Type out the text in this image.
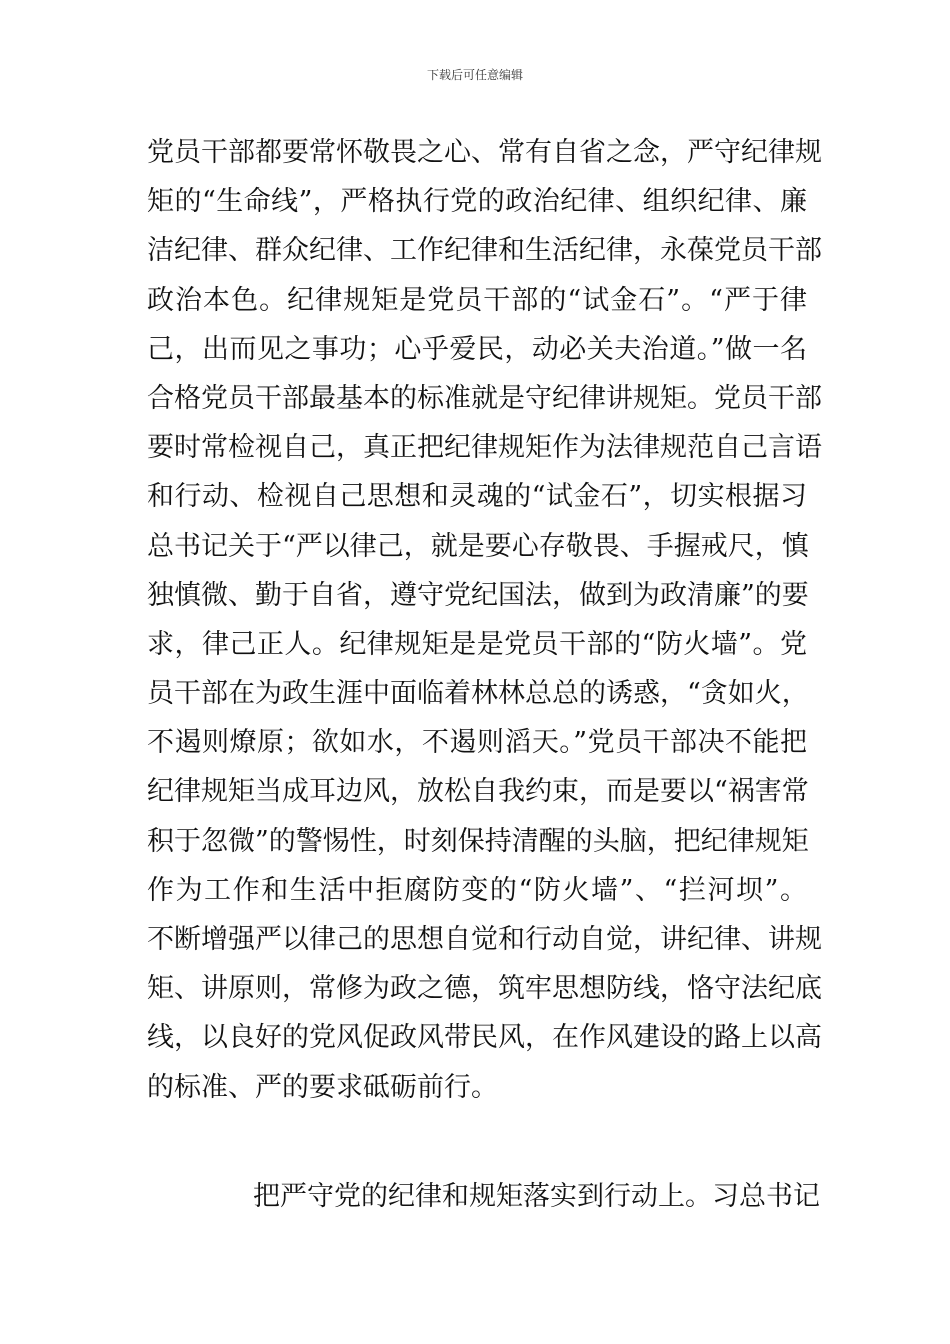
下载后可任意编辑
党员干部都要常怀敬畏之心、常有自省之念，严守纪律规
矩的“生命线”，严格执行党的政治纪律、组织纪律、廉
洁纪律、群众纪律、工作纪律和生活纪律，永葆党员干部
政治本色。纪律规矩是党员干部的“试金石”。“严于律
己，出而见之事功；心乎爱民，动必关夫治道。”做一名
合格党员干部最基本的标准就是守纪律讲规矩。党员干部
要时常检视自己，真正把纪律规矩作为法律规范自己言语
和行动、检视自己思想和灵魂的“试金石”，切实根据习
总书记关于“严以律己，就是要心存敬畏、手握戒尺，慎
独慎微、勤于自省，遵守党纪国法，做到为政清廉”的要
求，律己正人。纪律规矩是是党员干部的“防火墙”。党
员干部在为政生涯中面临着林林总总的诱惑，“贪如火，
不遏则燎原；欲如水，不遏则滔天。”党员干部决不能把
纪律规矩当成耳边风，放松自我约束，而是要以“祸害常
积于忽微”的警惕性，时刻保持清醒的头脑，把纪律规矩
作为工作和生活中拒腐防变的“防火墙”、“拦河坝”。
不断增强严以律己的思想自觉和行动自觉，讲纪律、讲规
矩、讲原则，常修为政之德，筑牢思想防线，恪守法纪底
线，以良好的党风促政风带民风，在作风建设的路上以高
的标准、严的要求砥砺前行。
把严守党的纪律和规矩落实到行动上。习总书记
